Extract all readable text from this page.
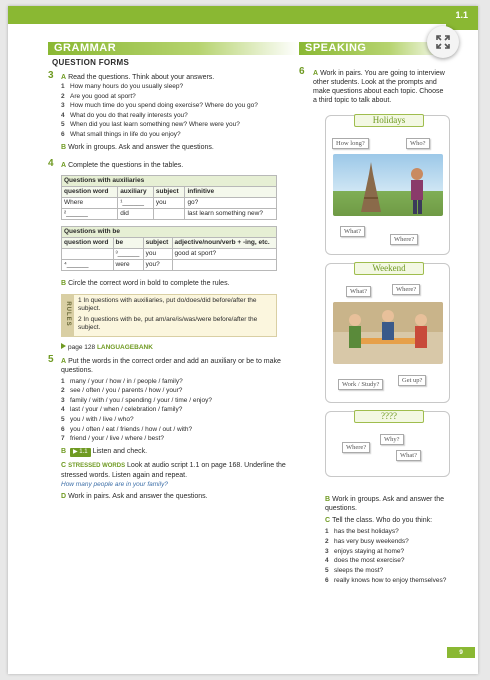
1.1
GRAMMAR
QUESTION FORMS
3 A Read the questions. Think about your answers.
1 How many hours do you usually sleep?
2 Are you good at sport?
3 How much time do you spend doing exercise? Where do you go?
4 What do you do that really interests you?
5 When did you last learn something new? Where were you?
6 What small things in life do you enjoy?
B Work in groups. Ask and answer the questions.
4 A Complete the questions in the tables.
Questions with auxiliaries			
question word	auxiliary	subject	infinitive
Where	¹______	you	go?
²______	did		last learn something new?
Questions with be			
question word	be	subject	adjective/noun/verb + -ing, etc.
	³______	you	good at sport?
⁴______	were	you?	
B Circle the correct word in bold to complete the rules.
RULES

1 In questions with auxiliaries, put do/does/did before/after the subject.

2 In questions with be, put am/are/is/was/were before/after the subject.

page 128 LANGUAGEBANK
5 A Put the words in the correct order and add an auxiliary or be to make questions.
1 many / your / how / in / people / family?
2 see / often / you / parents / how / your?
3 family / with / you / spending / your / time / enjoy?
4 last / your / when / celebration / family?
5 you / with / live / who?
6 you / often / eat / friends / how / out / with?
7 friend / your / live / where / best?
B ▶ 1.1 Listen and check.
C STRESSED WORDS Look at audio script 1.1 on page 168. Underline the stressed words. Listen again and repeat.
How many people are in your family?
D Work in pairs. Ask and answer the questions.
SPEAKING
6 A Work in pairs. You are going to interview other students. Look at the prompts and make questions about each topic. Choose a third topic to talk about.
Holidays
How long?	Who?
What?
Where?
Weekend
What?	Where?
Work / Study?
Get up?
????
Why?
Where?
What?
B Work in groups. Ask and answer the questions.
C Tell the class. Who do you think:
1 has the best holidays?
2 has very busy weekends?
3 enjoys staying at home?
4 does the most exercise?
5 sleeps the most?
6 really knows how to enjoy themselves?
9
